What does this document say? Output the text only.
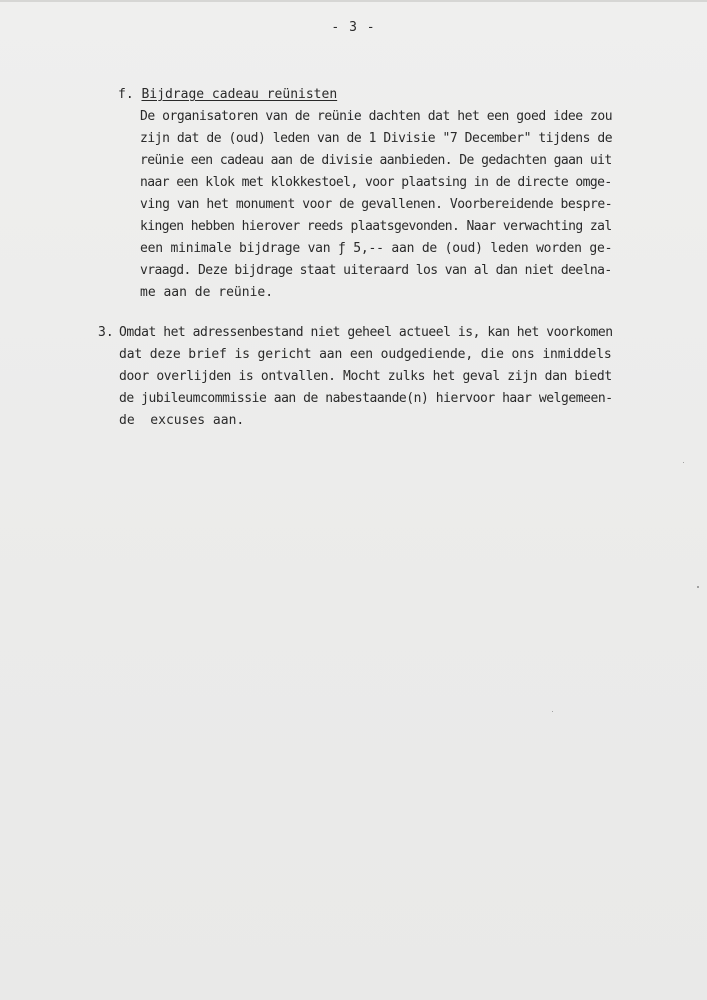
- 3 -
f. Bijdrage cadeau reünisten
De organisatoren van de reünie dachten dat het een goed idee zou
zijn dat de (oud) leden van de 1 Divisie "7 December" tijdens de
reünie een cadeau aan de divisie aanbieden. De gedachten gaan uit
naar een klok met klokkestoel, voor plaatsing in de directe omge-
ving van het monument voor de gevallenen. Voorbereidende bespre-
kingen hebben hierover reeds plaatsgevonden. Naar verwachting zal
een minimale bijdrage van ƒ 5,-- aan de (oud) leden worden ge-
vraagd. Deze bijdrage staat uiteraard los van al dan niet deelna-
me aan de reünie.
3. Omdat het adressenbestand niet geheel actueel is, kan het voorkomen
dat deze brief is gericht aan een oudgediende, die ons inmiddels
door overlijden is ontvallen. Mocht zulks het geval zijn dan biedt
de jubileumcommissie aan de nabestaande(n) hiervoor haar welgemeen-
de  excuses aan.
